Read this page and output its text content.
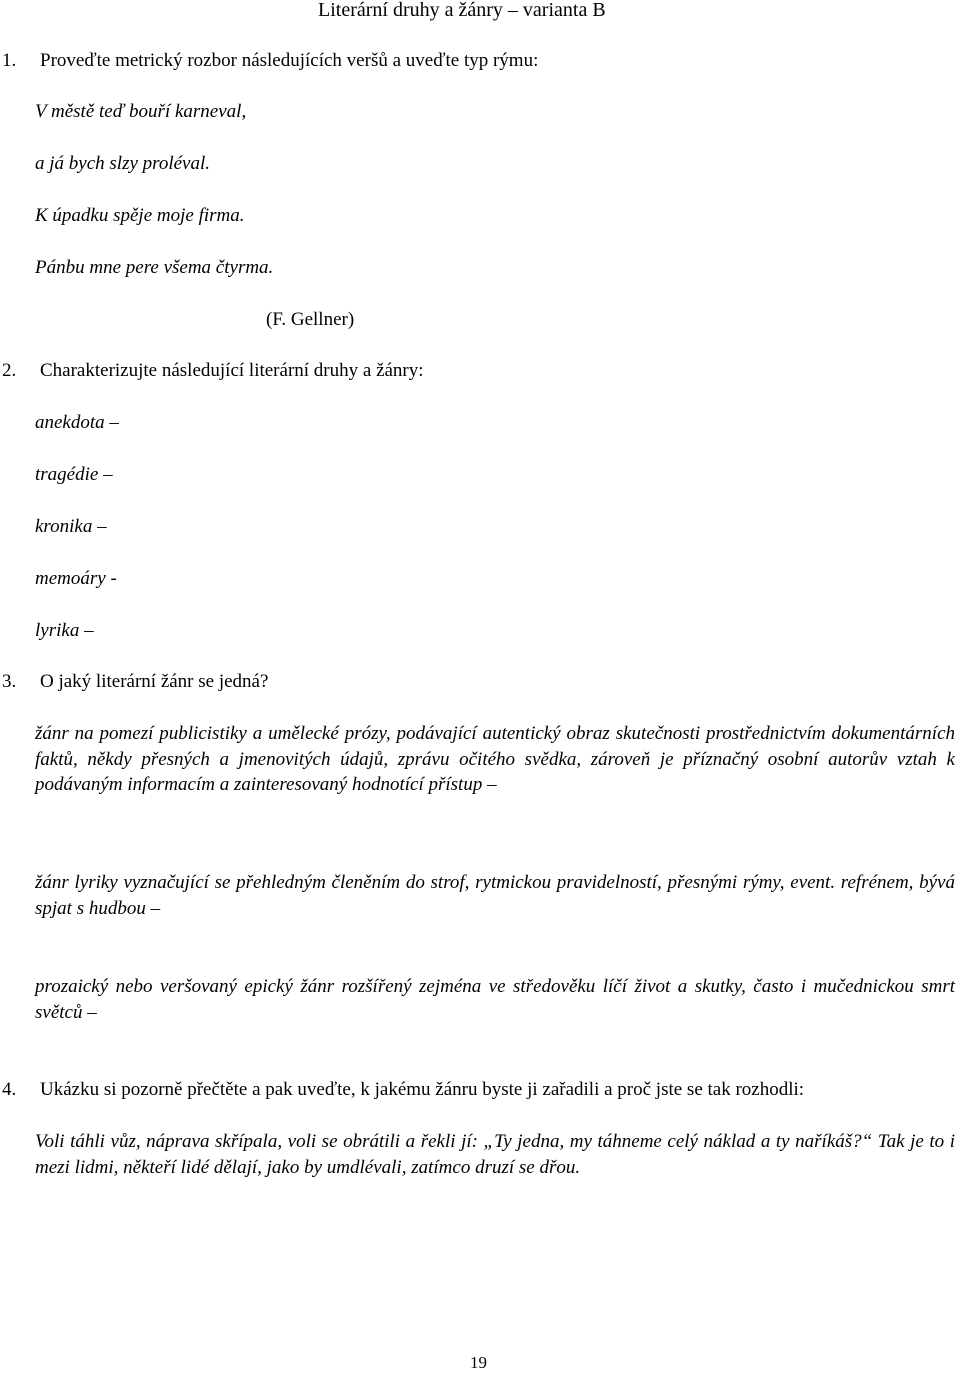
Literární druhy a žánry – varianta B
1. Proveďte metrický rozbor následujících veršů a uveďte typ rýmu:
V městě teď bouří karneval,
a já bych slzy proléval.
K úpadku spěje moje firma.
Pánbu mne pere všema čtyrma.
(F. Gellner)
2. Charakterizujte následující literární druhy a žánry:
anekdota –
tragédie –
kronika –
memoáry -
lyrika –
3. O jaký literární žánr se jedná?
žánr na pomezí publicistiky a umělecké prózy, podávající autentický obraz skutečnosti prostřednictvím dokumentárních faktů, někdy přesných a jmenovitých údajů, zprávu očitého svědka, zároveň je příznačný osobní autorův vztah k podávaným informacím a zainteresovaný hodnotící přístup –
žánr lyriky vyznačující se přehledným členěním do strof, rytmickou pravidelností, přesnými rýmy, event. refrénem, bývá spjat s hudbou –
prozaický nebo veršovaný epický žánr rozšířený zejména ve středověku líčí život a skutky, často i mučednickou smrt světců –
4. Ukázku si pozorně přečtěte a pak uveďte, k jakému žánru byste ji zařadili a proč jste se tak rozhodli:
Voli táhli vůz, náprava skřípala, voli se obrátili a řekli jí: „Ty jedna, my táhneme celý náklad a ty naříkáš?“ Tak je to i mezi lidmi, někteří lidé dělají, jako by umdlévali, zatímco druzí se dřou.
19
